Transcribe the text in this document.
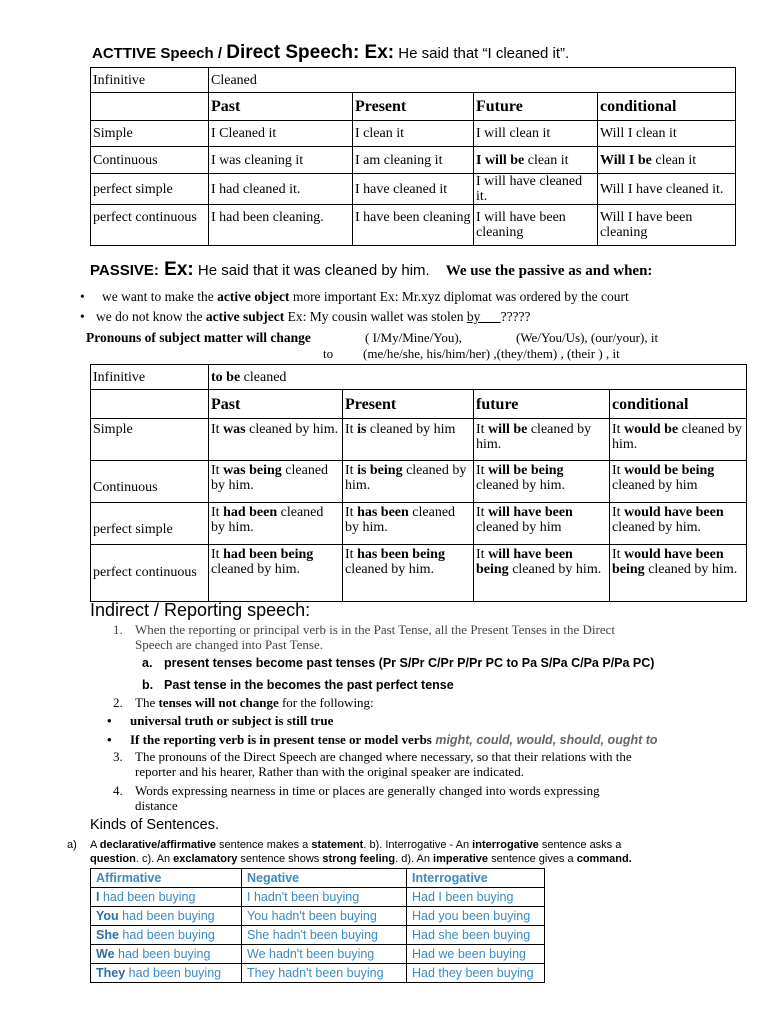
ACTTIVE Speech / Direct Speech: Ex: He said that “I cleaned it”.
Infinitive	Cleaned			
	Past	Present	Future	conditional
Simple	I Cleaned it	I clean it	I will clean it	Will I clean it
Continuous	I was cleaning it	I am cleaning it	I will be clean it	Will I be clean it
perfect simple	I had cleaned it.	I have cleaned it	I will have cleaned it.	Will I have cleaned it.
perfect continuous	I had been cleaning.	I have been cleaning	I will have been cleaning	Will I have been cleaning
PASSIVE: Ex: He said that it was cleaned by him. We use the passive as and when:
• we want to make the active object more important Ex: Mr.xyz diplomat was ordered by the court
• we do not know the active subject Ex: My cousin wallet was stolen by___?????
Pronouns of subject matter will change	( I/My/Mine/You),	(We/You/Us), (our/your), it
to (me/he/she, his/him/her) ,(they/them) , (their ) , it
Infinitive	to be cleaned			
	Past	Present	future	conditional
Simple	It was cleaned by him.	It is cleaned by him	It will be cleaned by him.	It would be cleaned by him.
Continuous	It was being cleaned by him.	It is being cleaned by him.	It will be being cleaned by him.	It would be being cleaned by him
perfect simple	It had been cleaned by him.	It has been cleaned by him.	It will have been cleaned by him	It would have been cleaned by him.
perfect continuous	It had been being cleaned by him.	It has been being cleaned by him.	It will have been being cleaned by him.	It would have been being cleaned by him.
Indirect / Reporting speech:
1. When the reporting or principal verb is in the Past Tense, all the Present Tenses in the Direct Speech are changed into Past Tense.
a. present tenses become past tenses (Pr S/Pr C/Pr P/Pr PC to Pa S/Pa C/Pa P/Pa PC)
b. Past tense in the becomes the past perfect tense
2. The tenses will not change for the following:
• universal truth or subject is still true
• If the reporting verb is in present tense or model verbs might, could, would, should, ought to
3. The pronouns of the Direct Speech are changed where necessary, so that their relations with the reporter and his hearer, Rather than with the original speaker are indicated.
4. Words expressing nearness in time or places are generally changed into words expressing distance
Kinds of Sentences.
a) A declarative/affirmative sentence makes a statement. b). Interrogative - An interrogative sentence asks a question. c). An exclamatory sentence shows strong feeling. d). An imperative sentence gives a command.
Affirmative	Negative	Interrogative
I had been buying	I hadn't been buying	Had I been buying
You had been buying	You hadn't been buying	Had you been buying
She had been buying	She hadn't been buying	Had she been buying
We had been buying	We hadn't been buying	Had we been buying
They had been buying	They hadn't been buying	Had they been buying
